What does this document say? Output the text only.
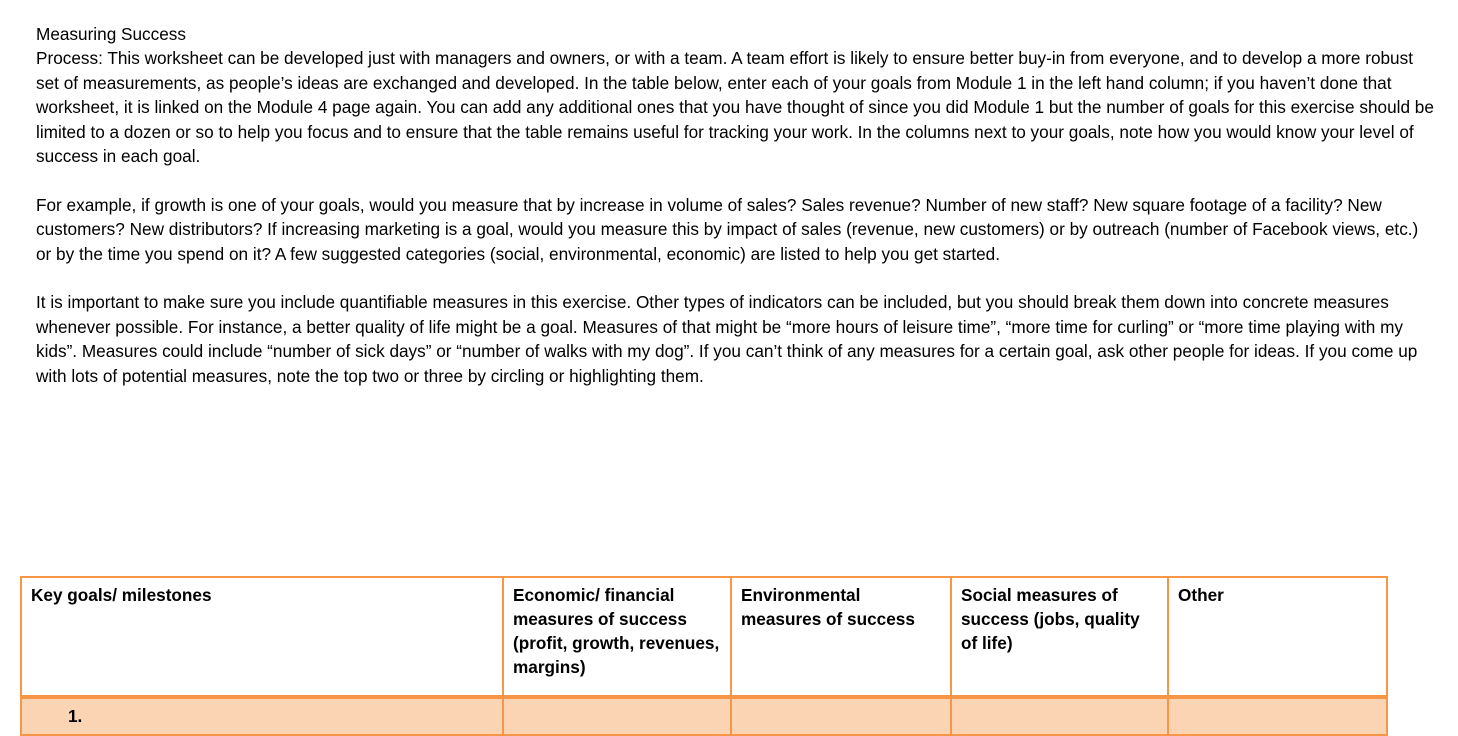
Measuring Success

Process: This worksheet can be developed just with managers and owners, or with a team. A team effort is likely to ensure better buy-in from everyone, and to develop a more robust set of measurements, as people’s ideas are exchanged and developed. In the table below, enter each of your goals from Module 1 in the left hand column; if you haven’t done that worksheet, it is linked on the Module 4 page again. You can add any additional ones that you have thought of since you did Module 1 but the number of goals for this exercise should be limited to a dozen or so to help you focus and to ensure that the table remains useful for tracking your work. In the columns next to your goals, note how you would know your level of success in each goal.

For example, if growth is one of your goals, would you measure that by increase in volume of sales? Sales revenue? Number of new staff? New square footage of a facility? New customers? New distributors? If increasing marketing is a goal, would you measure this by impact of sales (revenue, new customers) or by outreach (number of Facebook views, etc.) or by the time you spend on it? A few suggested categories (social, environmental, economic) are listed to help you get started.

It is important to make sure you include quantifiable measures in this exercise. Other types of indicators can be included, but you should break them down into concrete measures whenever possible. For instance, a better quality of life might be a goal. Measures of that might be “more hours of leisure time”, “more time for curling” or “more time playing with my kids”. Measures could include “number of sick days” or “number of walks with my dog”. If you can’t think of any measures for a certain goal, ask other people for ideas. If you come up with lots of potential measures, note the top two or three by circling or highlighting them.

Key goals/ milestones	Economic/ financial measures of success (profit, growth, revenues, margins)	Environmental measures of success	Social measures of success (jobs, quality of life)	Other
1.				
